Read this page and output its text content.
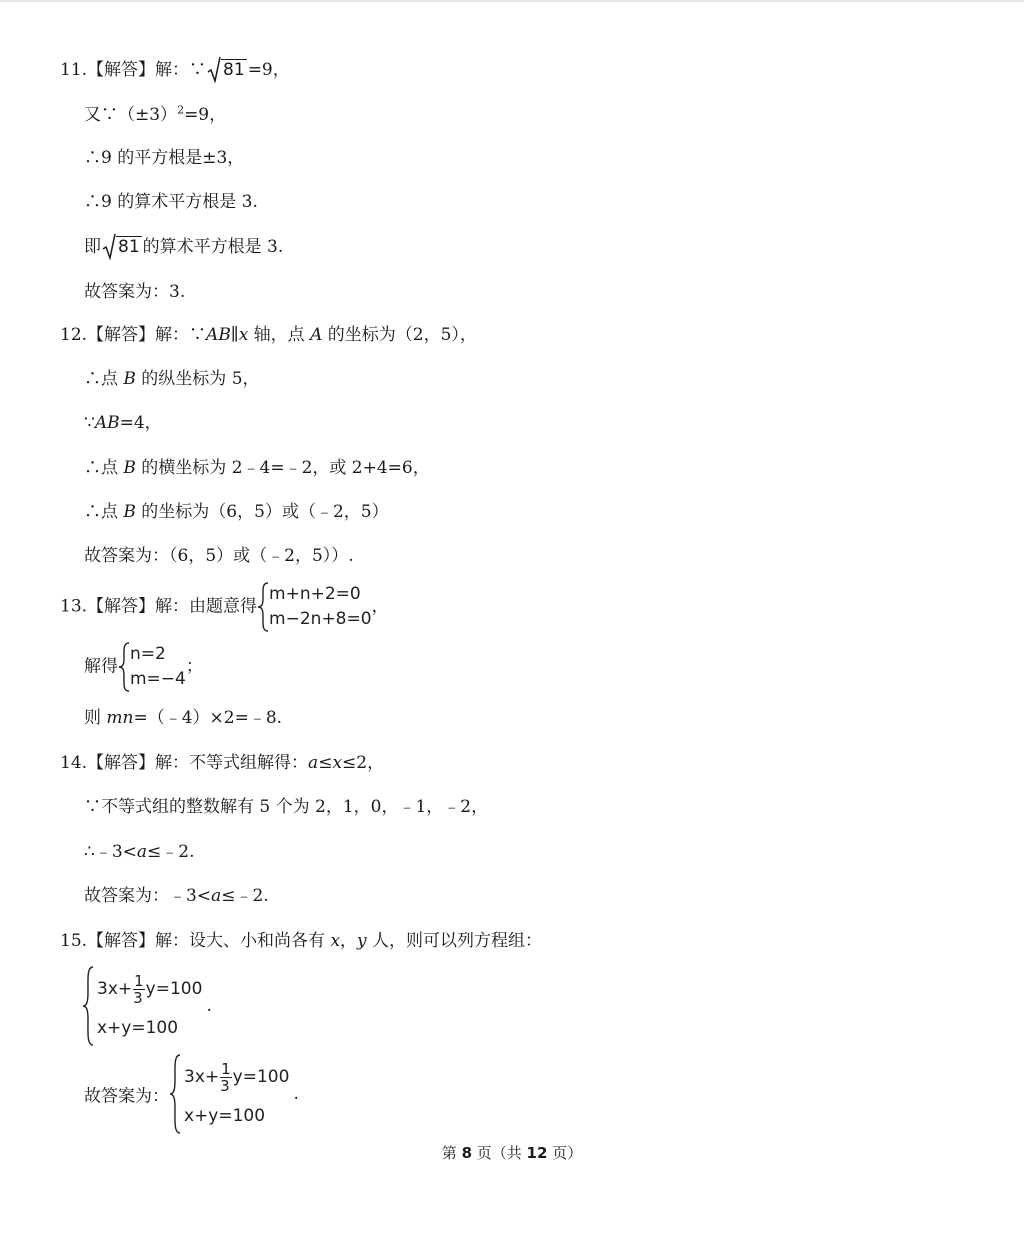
11.【解答】解：∵ 81 =9，
又$\because(\pm 3)^2=9$，
∴9 的平方根是±3，
∴9 的算术平方根是 3.
即 81 的算术平方根是 3.
故答案为：3.
12.【解答】解：∵AB∥x 轴，点 A 的坐标为（2，5），
∴点 B 的纵坐标为 5，
∵AB=4，
∴点 B 的横坐标为 2﹣4=﹣2，或 2+4=6，
∴点 B 的坐标为（6，5）或（﹣2，5）
故答案为：（6，5）或（﹣2，5））.
13.【解答】解：由题意得
m+n+2=0
m−2n+8=0
，
解得
n=2
m=−4
；
则 mn=（﹣4）×2=﹣8.
14.【解答】解：不等式组解得：a≤x≤2，
∵不等式组的整数解有 5 个为 2，1，0，﹣1，﹣2，
∴﹣3<a≤﹣2.
故答案为：﹣3<a≤﹣2.
15.【解答】解：设大、小和尚各有 x，y 人，则可以列方程组：
$3x+ \frac{1}{3} y=100$
x+y=100
.
故答案为：
$3x+ \frac{1}{3} y=100$
x+y=100
.
第 8 页（共 12 页）
